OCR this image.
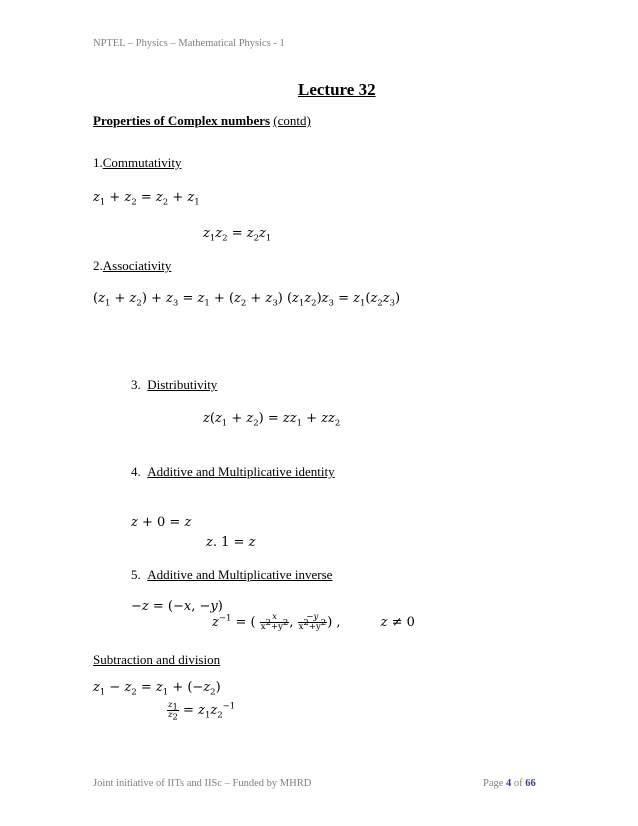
NPTEL – Physics – Mathematical Physics - 1
Lecture 32
Properties of Complex numbers (contd)
1.Commutativity
$z_1 + z_2 = z_2 + z_1$
$z_1z_2 = z_2z_1$
2.Associativity
$(z_1 + z_2) + z_3 = z_1 + (z_2 + z_3) (z_1z_2)z_3 = z_1(z_2z_3)$
3. Distributivity
$z(z_1 + z_2) = zz_1 + zz_2$
4. Additive and Multiplicative identity
z + 0 = z
z. 1 = z
5. Additive and Multiplicative inverse
−z = (−x, −y)
$z^{-1}$ = ( $\frac{x}{x^2+y^2}$ , $\frac{-y}{x^2+y^2}$ ) ,	z ≠ 0
Subtraction and division
$z_1 - z_2 = z_1 + (-z_2)$
$\frac{z_1}{z_2} = z_1z_2^{-1}$
Joint initiative of IITs and IISc – Funded by MHRD	Page 4 of 66
